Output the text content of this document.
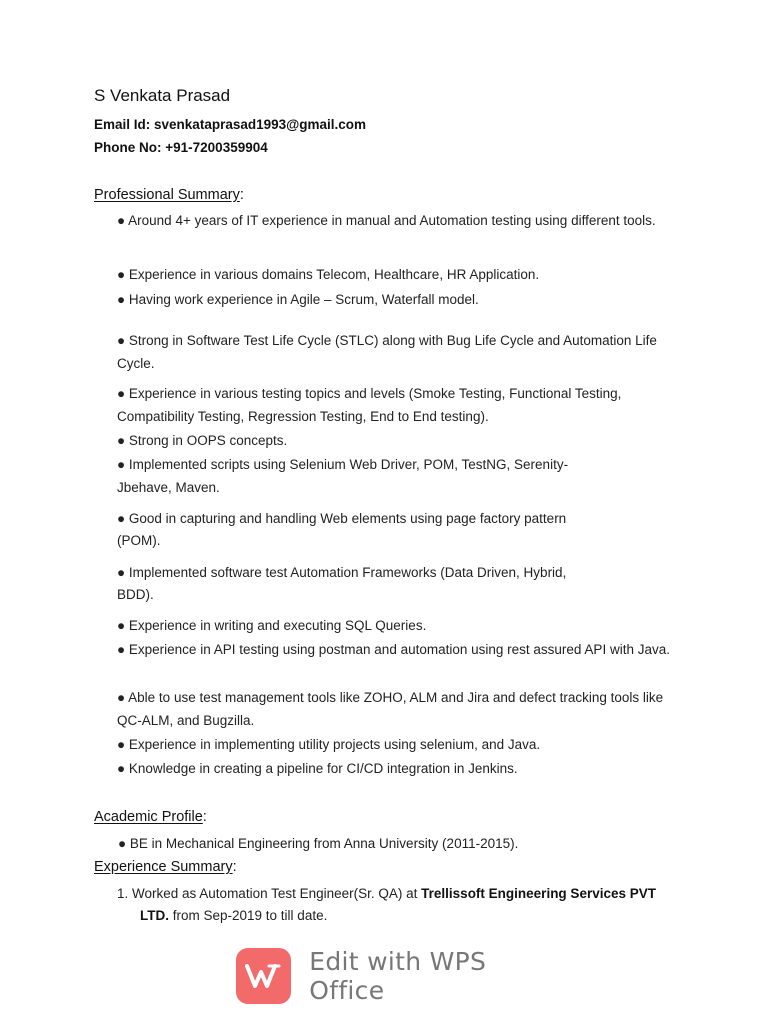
S Venkata Prasad
Email Id: svenkataprasad1993@gmail.com
Phone No: +91-7200359904
Professional Summary:
● Around 4+ years of IT experience in manual and Automation testing using different tools.
● Experience in various domains Telecom, Healthcare, HR Application.
● Having work experience in Agile – Scrum, Waterfall model.
● Strong in Software Test Life Cycle (STLC) along with Bug Life Cycle and Automation Life Cycle.
● Experience in various testing topics and levels (Smoke Testing, Functional Testing, Compatibility Testing, Regression Testing, End to End testing).
● Strong in OOPS concepts.
● Implemented scripts using Selenium Web Driver, POM, TestNG, Serenity-
Jbehave, Maven.
● Good in capturing and handling Web elements using page factory pattern
(POM).
● Implemented software test Automation Frameworks (Data Driven, Hybrid,
BDD).
● Experience in writing and executing SQL Queries.
● Experience in API testing using postman and automation using rest assured API with Java.
● Able to use test management tools like ZOHO, ALM and Jira and defect tracking tools like QC-ALM, and Bugzilla.
● Experience in implementing utility projects using selenium, and Java.
● Knowledge in creating a pipeline for CI/CD integration in Jenkins.
Academic Profile:
● BE in Mechanical Engineering from Anna University (2011-2015).
Experience Summary:
1. Worked as Automation Test Engineer(Sr. QA) at Trellissoft Engineering Services PVT
LTD. from Sep-2019 to till date.
Edit with WPS Office
